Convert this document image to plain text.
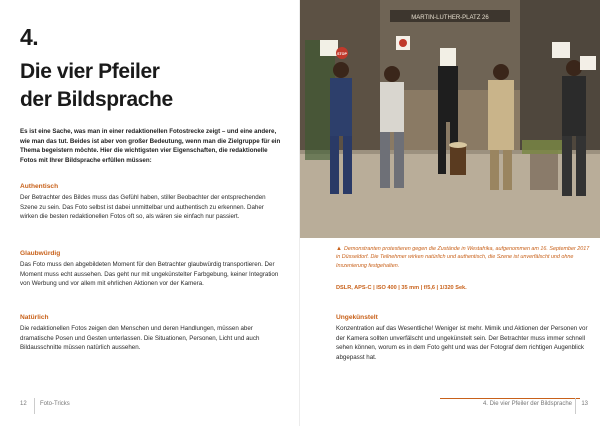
4.
Die vier Pfeiler
der Bildsprache
Es ist eine Sache, was man in einer redaktionellen Fotostrecke zeigt – und eine andere, wie man das tut. Beides ist aber von großer Bedeutung, wenn man die Zielgruppe für ein Thema begeistern möchte. Hier die wichtigsten vier Eigenschaften, die redaktionelle Fotos mit Ihrer Bildsprache erfüllen müssen:
Authentisch
Der Betrachter des Bildes muss das Gefühl haben, stiller Beobachter der entsprechenden Szene zu sein. Das Foto selbst ist dabei unmittelbar und authentisch zu erkennen. Daher wirken die besten redaktionellen Fotos oft so, als wären sie einfach nur passiert.
Glaubwürdig
Das Foto muss den abgebildeten Moment für den Betrachter glaubwürdig transportieren. Der Moment muss echt aussehen. Das geht nur mit ungekünstelter Farbgebung, keiner Integration von Werbung und vor allem mit ehrlichen Aktionen vor der Kamera.
Natürlich
Die redaktionellen Fotos zeigen den Menschen und deren Handlungen, müssen aber dramatische Posen und Gesten unterlassen. Die Situationen, Personen, Licht und auch Bildausschnitte müssen natürlich aussehen.
MARTIN-LUTHER-PLATZ 26
STOP
▲ Demonstranten protestieren gegen die Zustände in Westafrika, aufgenommen am 16. September 2017 in Düsseldorf. Die Teilnehmer wirken natürlich und authentisch, die Szene ist unverfälscht und ohne Inszenierung festgehalten.
DSLR, APS-C | ISO 400 | 35 mm | f/5,6 | 1/320 Sek.
Ungekünstelt
Konzentration auf das Wesentliche! Weniger ist mehr. Mimik und Aktionen der Personen vor der Kamera sollten unverfälscht und ungekünstelt sein. Der Betrachter muss immer schnell sehen können, worum es in dem Foto geht und was der Fotograf dem richtigen Augenblick abgepasst hat.
12 Foto-Tricks	4. Die vier Pfeiler der Bildsprache 13
